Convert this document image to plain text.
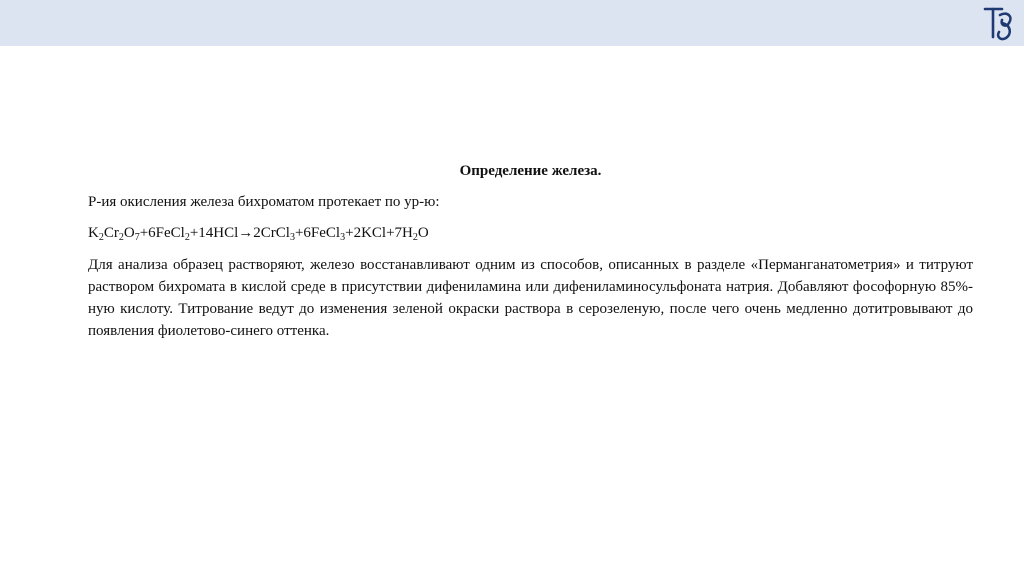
Определение железа.

Р-ия окисления железа бихроматом протекает по ур-ю:

$K_2Cr_2O_7+6FeCl_2+14HCl\to 2CrCl_3+6FeCl_3+2KCl+7H_2O$

Для анализа образец растворяют, железо восстанавливают одним из способов, описанных в разделе «Перманганатометрия» и титруют раствором бихромата в кислой среде в присутствии дифениламина или дифениламиносульфоната натрия. Добавляют фософорную 85%-ную кислоту. Титрование ведут до изменения зеленой окраски раствора в серозеленую, после чего очень медленно дотитровывают до появления фиолетово-синего оттенка.
